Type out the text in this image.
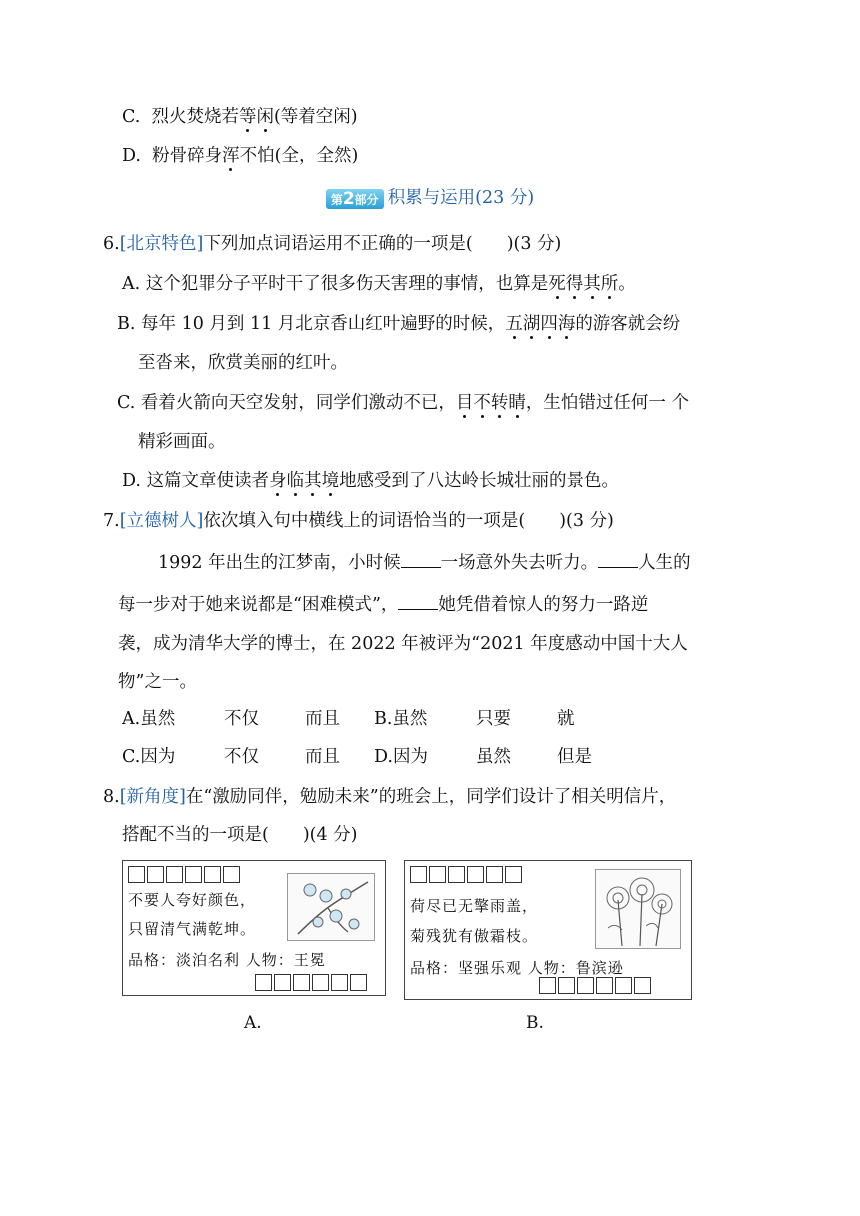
C. 烈火焚烧若等闲(等着空闲)
D. 粉骨碎身浑不怕(全，全然)
第2部分 积累与运用(23 分)
6.[北京特色]下列加点词语运用不正确的一项是( )(3 分)
A. 这个犯罪分子平时干了很多伤天害理的事情，也算是死得其所。
B. 每年 10 月到 11 月北京香山红叶遍野的时候，五湖四海的游客就会纷
至沓来，欣赏美丽的红叶。
C. 看着火箭向天空发射，同学们激动不已，目不转睛，生怕错过任何一 个
精彩画面。
D. 这篇文章使读者身临其境地感受到了八达岭长城壮丽的景色。
7.[立德树人]依次填入句中横线上的词语恰当的一项是( )(3 分)
1992 年出生的江梦南，小时候 一场意外失去听力。 人生的
每一步对于她来说都是“困难模式”， 她凭借着惊人的努力一路逆
袭，成为清华大学的博士，在 2022 年被评为“2021 年度感动中国十大人
物”之一。
A.虽然	不仅	而且 B.虽然	只要	就
C.因为	不仅	而且 D.因为	虽然	但是
8.[新角度]在“激励同伴，勉励未来”的班会上，同学们设计了相关明信片，
搭配不当的一项是( )(4 分)
不要人夸好颜色，
只留清气满乾坤。
品格：淡泊名利 人物：王冕
A.
荷尽已无擎雨盖，
菊残犹有傲霜枝。
品格：坚强乐观 人物：鲁滨逊
B.
